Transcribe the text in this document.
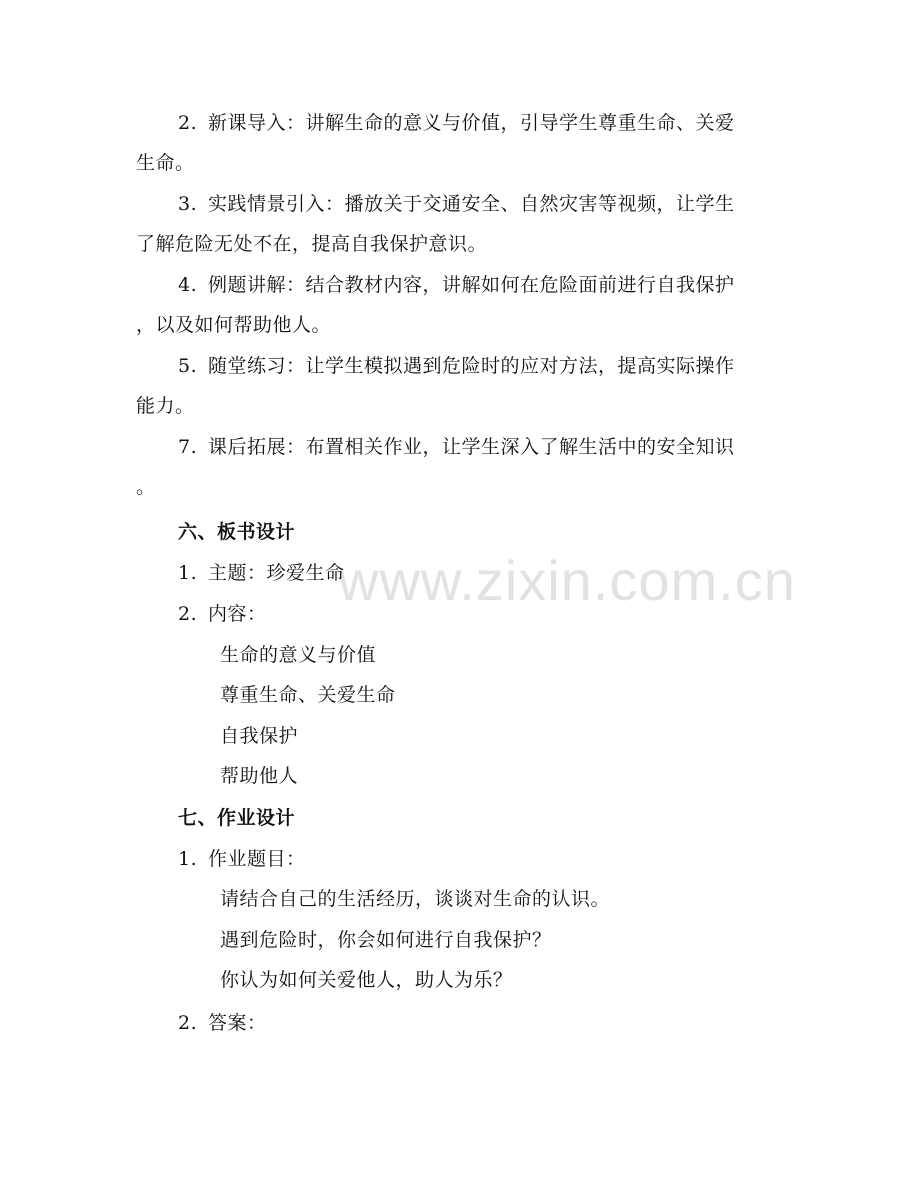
www.zixin.com.cn
2. 新课导入：讲解生命的意义与价值，引导学生尊重生命、关爱
生命。
3. 实践情景引入：播放关于交通安全、自然灾害等视频，让学生
了解危险无处不在，提高自我保护意识。
4. 例题讲解：结合教材内容，讲解如何在危险面前进行自我保护
，以及如何帮助他人。
5. 随堂练习：让学生模拟遇到危险时的应对方法，提高实际操作
能力。
7. 课后拓展：布置相关作业，让学生深入了解生活中的安全知识
。
六、板书设计
1. 主题：珍爱生命
2. 内容：
生命的意义与价值
尊重生命、关爱生命
自我保护
帮助他人
七、作业设计
1. 作业题目：
请结合自己的生活经历，谈谈对生命的认识。
遇到危险时，你会如何进行自我保护？
你认为如何关爱他人，助人为乐？
2. 答案：
